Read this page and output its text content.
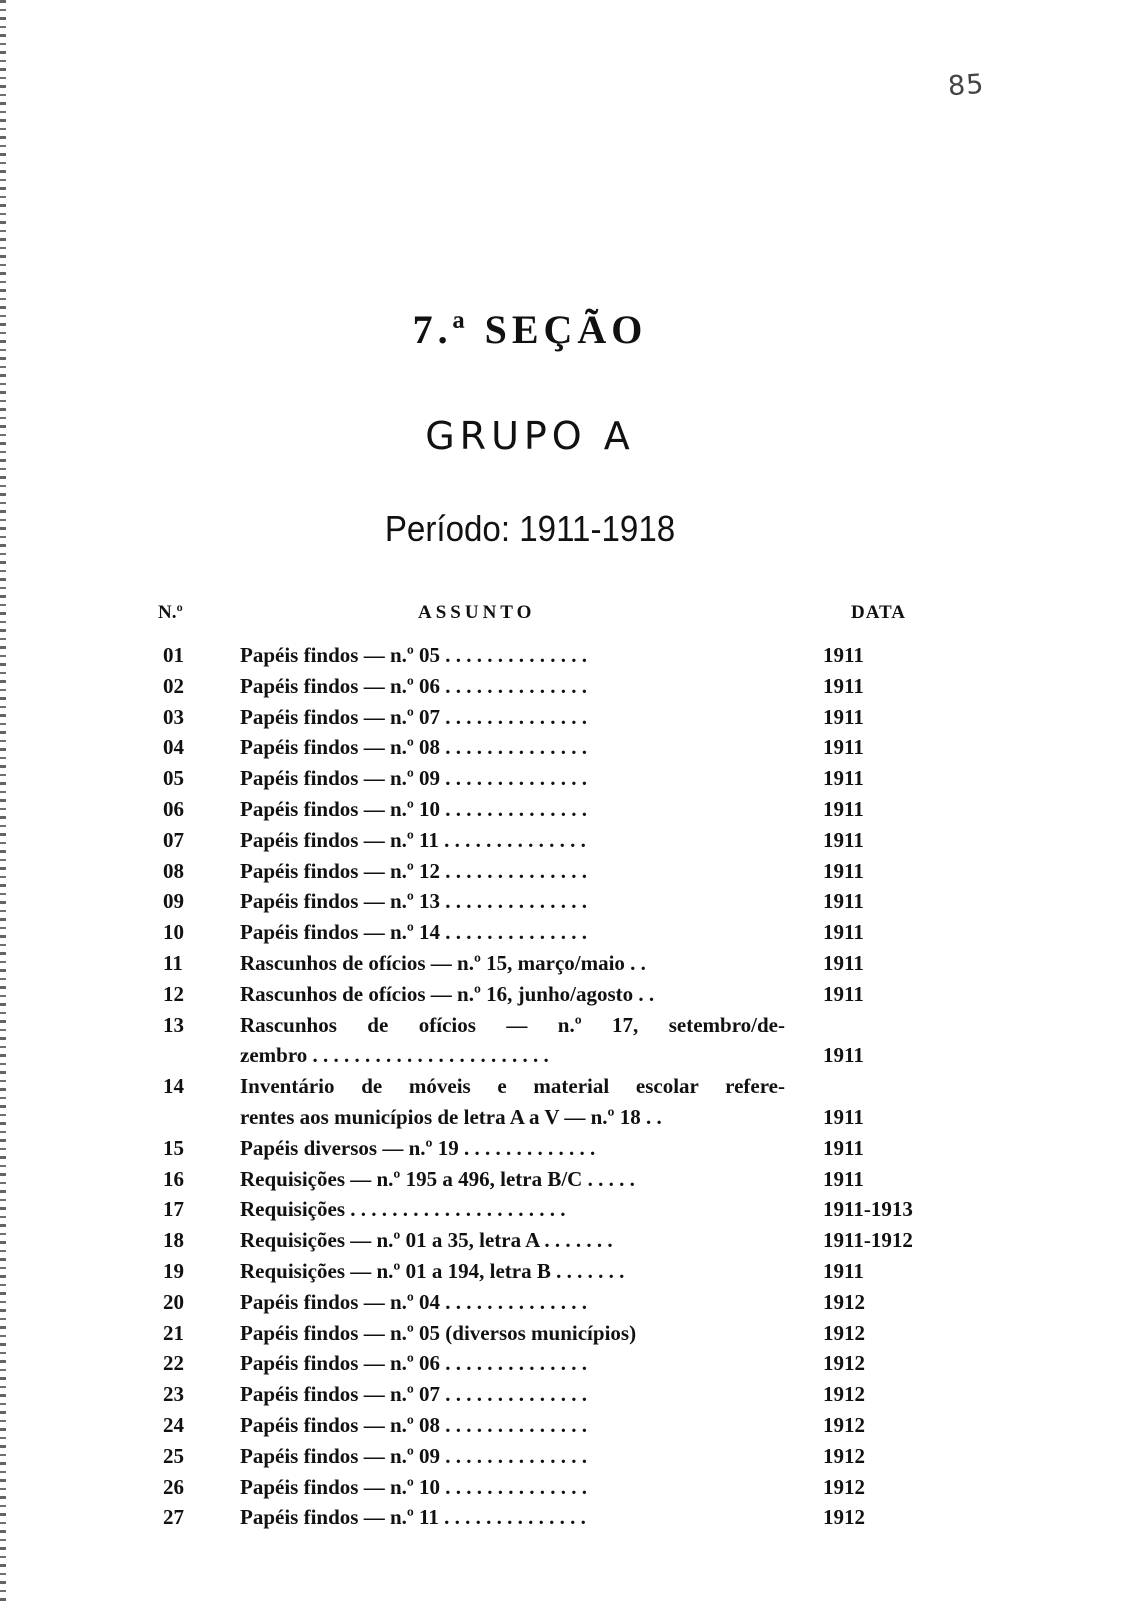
85
7.ª SEÇÃO
GRUPO A
Período: 1911-1918
N.º	ASSUNTO	DATA
01	Papéis findos — n.º 05 . . . . . . . . . . . . . .	1911
02	Papéis findos — n.º 06 . . . . . . . . . . . . . .	1911
03	Papéis findos — n.º 07 . . . . . . . . . . . . . .	1911
04	Papéis findos — n.º 08 . . . . . . . . . . . . . .	1911
05	Papéis findos — n.º 09 . . . . . . . . . . . . . .	1911
06	Papéis findos — n.º 10 . . . . . . . . . . . . . .	1911
07	Papéis findos — n.º 11 . . . . . . . . . . . . . .	1911
08	Papéis findos — n.º 12 . . . . . . . . . . . . . .	1911
09	Papéis findos — n.º 13 . . . . . . . . . . . . . .	1911
10	Papéis findos — n.º 14 . . . . . . . . . . . . . .	1911
11	Rascunhos de ofícios — n.º 15, março/maio . .	1911
12	Rascunhos de ofícios — n.º 16, junho/agosto . .	1911
13	Rascunhos de ofícios — n.º 17, setembro/de-
zembro . . . . . . . . . . . . . . . . . . . . . . .	1911
14	Inventário de móveis e material escolar refere-
rentes aos municípios de letra A a V — n.º 18 . .	1911
15	Papéis diversos — n.º 19 . . . . . . . . . . . . .	1911
16	Requisições — n.º 195 a 496, letra B/C . . . . .	1911
17	Requisições . . . . . . . . . . . . . . . . . . . . .	1911-1913
18	Requisições — n.º 01 a 35, letra A . . . . . . .	1911-1912
19	Requisições — n.º 01 a 194, letra B . . . . . . .	1911
20	Papéis findos — n.º 04 . . . . . . . . . . . . . .	1912
21	Papéis findos — n.º 05 (diversos municípios)	1912
22	Papéis findos — n.º 06 . . . . . . . . . . . . . .	1912
23	Papéis findos — n.º 07 . . . . . . . . . . . . . .	1912
24	Papéis findos — n.º 08 . . . . . . . . . . . . . .	1912
25	Papéis findos — n.º 09 . . . . . . . . . . . . . .	1912
26	Papéis findos — n.º 10 . . . . . . . . . . . . . .	1912
27	Papéis findos — n.º 11 . . . . . . . . . . . . . .	1912
